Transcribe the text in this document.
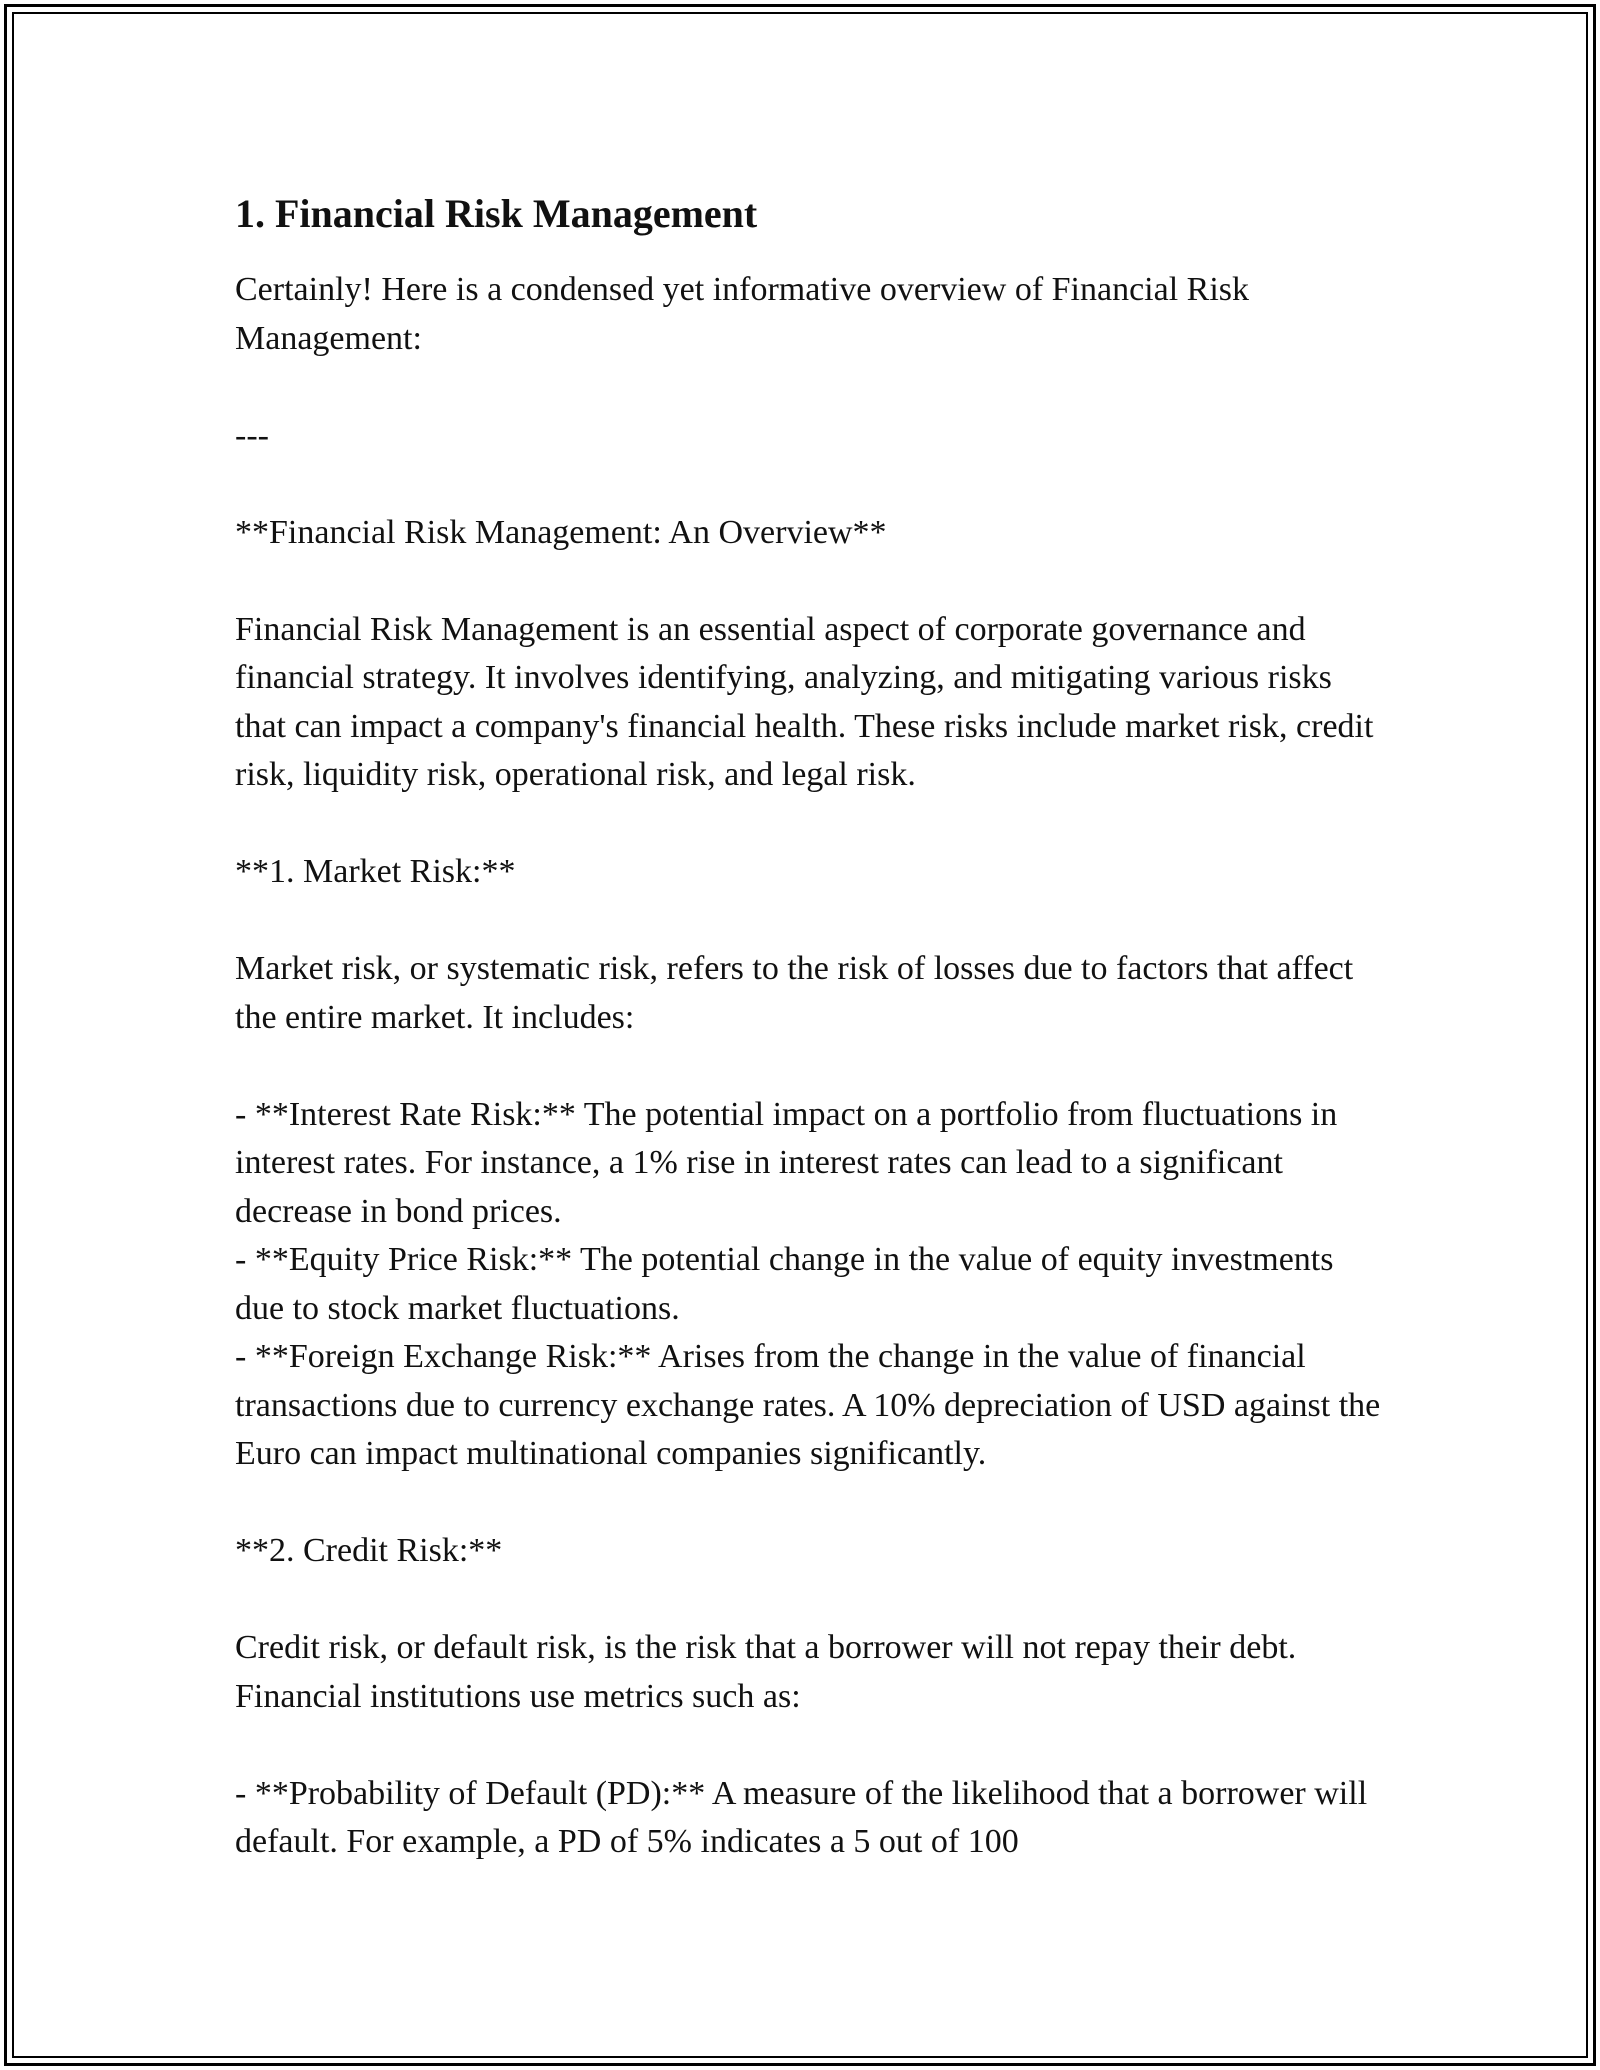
1. Financial Risk Management

Certainly! Here is a condensed yet informative overview of Financial Risk Management:

---

**Financial Risk Management: An Overview**

Financial Risk Management is an essential aspect of corporate governance and financial strategy. It involves identifying, analyzing, and mitigating various risks that can impact a company's financial health. These risks include market risk, credit risk, liquidity risk, operational risk, and legal risk.

**1. Market Risk:**

Market risk, or systematic risk, refers to the risk of losses due to factors that affect the entire market. It includes:

- **Interest Rate Risk:** The potential impact on a portfolio from fluctuations in interest rates. For instance, a 1% rise in interest rates can lead to a significant decrease in bond prices.
- **Equity Price Risk:** The potential change in the value of equity investments due to stock market fluctuations.
- **Foreign Exchange Risk:** Arises from the change in the value of financial transactions due to currency exchange rates. A 10% depreciation of USD against the Euro can impact multinational companies significantly.

**2. Credit Risk:**

Credit risk, or default risk, is the risk that a borrower will not repay their debt. Financial institutions use metrics such as:

- **Probability of Default (PD):** A measure of the likelihood that a borrower will default. For example, a PD of 5% indicates a 5 out of 100
